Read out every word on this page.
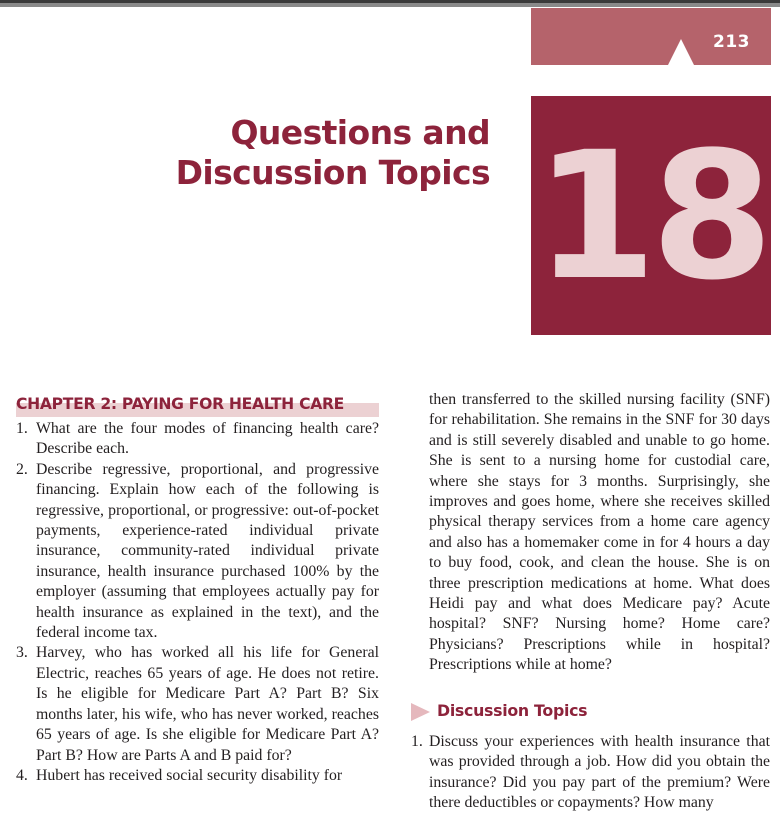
213
Questions and
Discussion Topics 18
CHAPTER 2: PAYING FOR HEALTH CARE
1. What are the four modes of financing health care? Describe each.
2. Describe regressive, proportional, and progressive financing. Explain how each of the following is regressive, proportional, or progressive: out-of-pocket payments, experience-rated individual private insurance, community-rated individual private insurance, health insurance purchased 100% by the employer (assuming that employees actually pay for health insurance as explained in the text), and the federal income tax.
3. Harvey, who has worked all his life for General Electric, reaches 65 years of age. He does not retire. Is he eligible for Medicare Part A? Part B? Six months later, his wife, who has never worked, reaches 65 years of age. Is she eligible for Medicare Part A? Part B? How are Parts A and B paid for?
4. Hubert has received social security disability for

then transferred to the skilled nursing facility (SNF) for rehabilitation. She remains in the SNF for 30 days and is still severely disabled and unable to go home. She is sent to a nursing home for custodial care, where she stays for 3 months. Surprisingly, she improves and goes home, where she receives skilled physical therapy services from a home care agency and also has a homemaker come in for 4 hours a day to buy food, cook, and clean the house. She is on three prescription medications at home. What does Heidi pay and what does Medicare pay? Acute hospital? SNF? Nursing home? Home care? Physicians? Prescriptions while in hospital? Prescriptions while at home?

Discussion Topics
1. Discuss your experiences with health insurance that was provided through a job. How did you obtain the insurance? Did you pay part of the premium? Were there deductibles or copayments? How many
